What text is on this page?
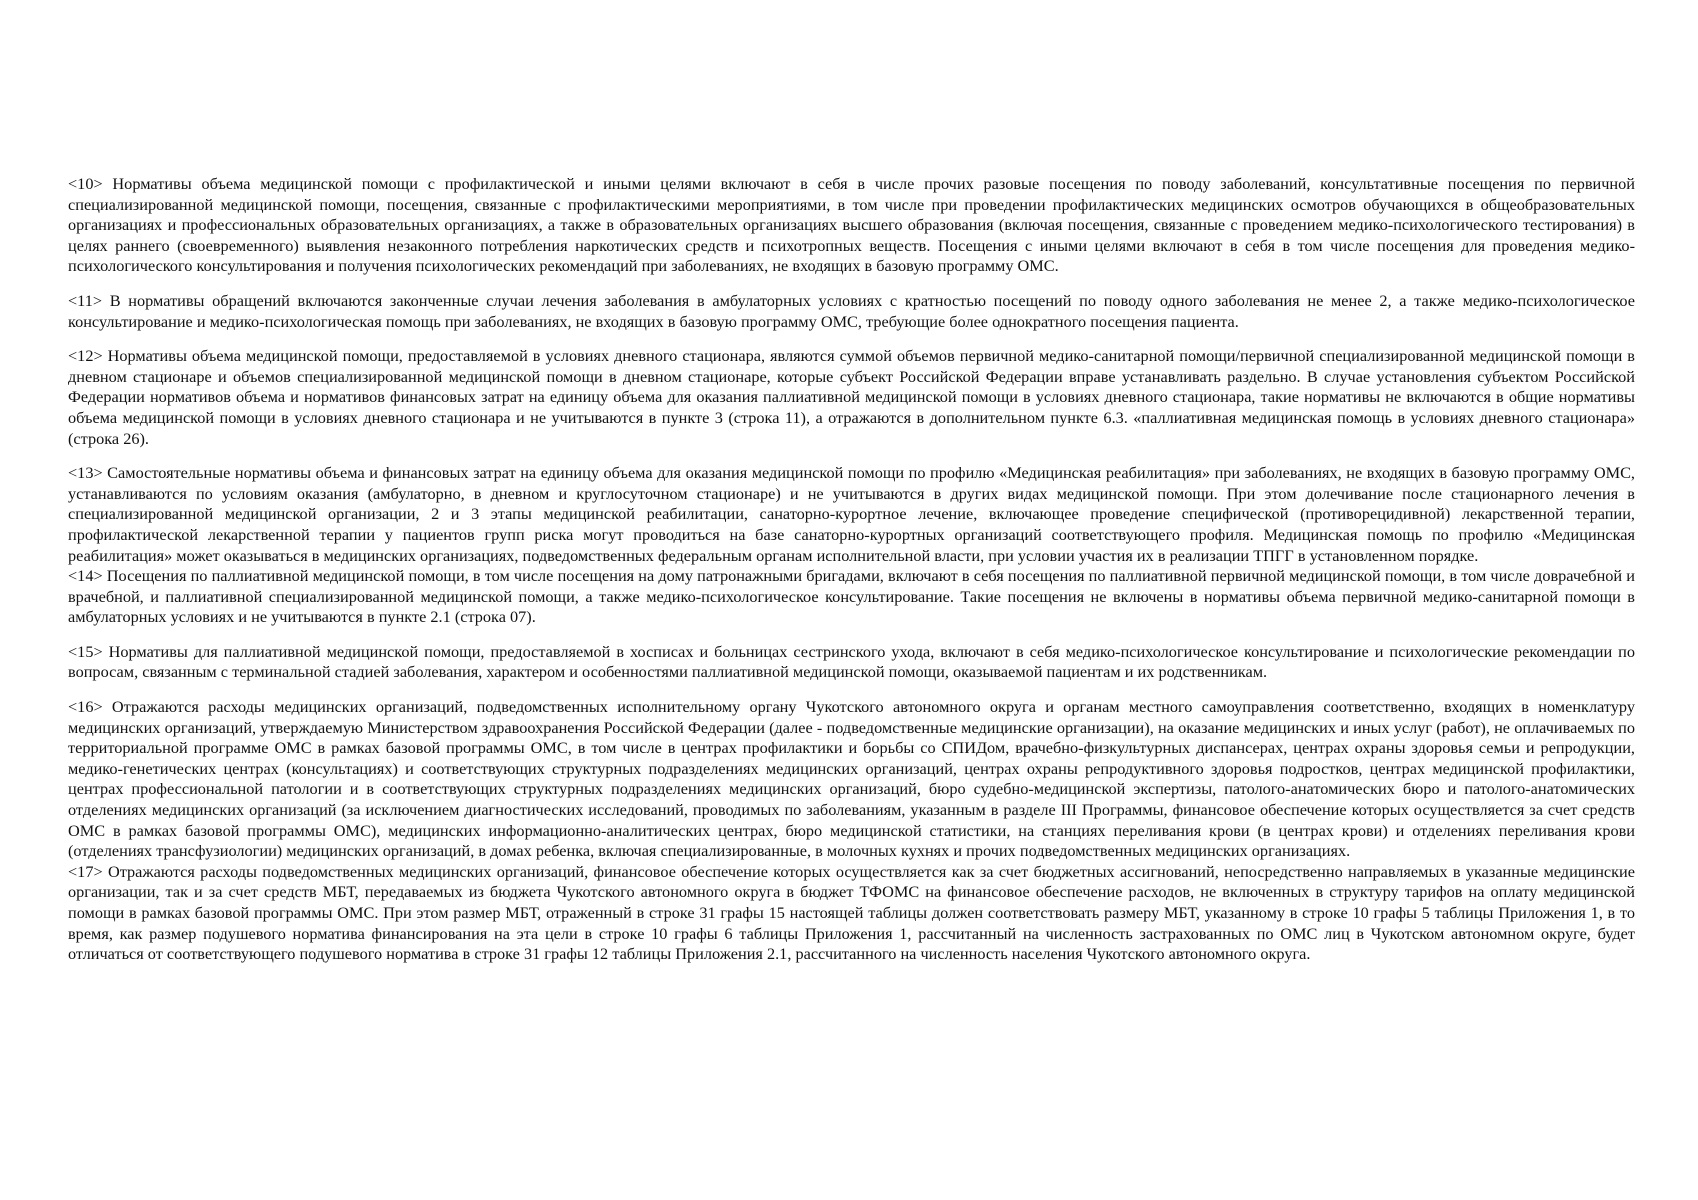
<10> Нормативы объема медицинской помощи с профилактической и иными целями включают в себя в числе прочих разовые посещения по поводу заболеваний, консультативные посещения по первичной специализированной медицинской помощи, посещения, связанные с профилактическими мероприятиями, в том числе при проведении профилактических медицинских осмотров обучающихся в общеобразовательных организациях и профессиональных образовательных организациях, а также в образовательных организациях высшего образования (включая посещения, связанные с проведением медико-психологического тестирования) в целях раннего (своевременного) выявления незаконного потребления наркотических средств и психотропных веществ. Посещения с иными целями включают в себя в том числе посещения для проведения медико-психологического консультирования и получения психологических рекомендаций при заболеваниях, не входящих в базовую программу ОМС.

<11> В нормативы обращений включаются законченные случаи лечения заболевания в амбулаторных условиях с кратностью посещений по поводу одного заболевания не менее 2, а также медико-психологическое консультирование и медико-психологическая помощь при заболеваниях, не входящих в базовую программу ОМС, требующие более однократного посещения пациента.

<12> Нормативы объема медицинской помощи, предоставляемой в условиях дневного стационара, являются суммой объемов первичной медико-санитарной помощи/первичной специализированной медицинской помощи в дневном стационаре и объемов специализированной медицинской помощи в дневном стационаре, которые субъект Российской Федерации вправе устанавливать раздельно. В случае установления субъектом Российской Федерации нормативов объема и нормативов финансовых затрат на единицу объема для оказания паллиативной медицинской помощи в условиях дневного стационара, такие нормативы не включаются в общие нормативы объема медицинской помощи в условиях дневного стационара и не учитываются в пункте 3 (строка 11), а отражаются в дополнительном пункте 6.3. «паллиативная медицинская помощь в условиях дневного стационара» (строка 26).

<13> Самостоятельные нормативы объема и финансовых затрат на единицу объема для оказания медицинской помощи по профилю «Медицинская реабилитация» при заболеваниях, не входящих в базовую программу ОМС, устанавливаются по условиям оказания (амбулаторно, в дневном и круглосуточном стационаре) и не учитываются в других видах медицинской помощи. При этом долечивание после стационарного лечения в специализированной медицинской организации, 2 и 3 этапы медицинской реабилитации, санаторно-курортное лечение, включающее проведение специфической (противорецидивной) лекарственной терапии, профилактической лекарственной терапии у пациентов групп риска могут проводиться на базе санаторно-курортных организаций соответствующего профиля. Медицинская помощь по профилю «Медицинская реабилитация» может оказываться в медицинских организациях, подведомственных федеральным органам исполнительной власти, при условии участия их в реализации ТПГГ в установленном порядке.

<14> Посещения по паллиативной медицинской помощи, в том числе посещения на дому патронажными бригадами, включают в себя посещения по паллиативной первичной медицинской помощи, в том числе доврачебной и врачебной, и паллиативной специализированной медицинской помощи, а также медико-психологическое консультирование. Такие посещения не включены в нормативы объема первичной медико-санитарной помощи в амбулаторных условиях и не учитываются в пункте 2.1 (строка 07).

<15> Нормативы для паллиативной медицинской помощи, предоставляемой в хосписах и больницах сестринского ухода, включают в себя медико-психологическое консультирование и психологические рекомендации по вопросам, связанным с терминальной стадией заболевания, характером и особенностями паллиативной медицинской помощи, оказываемой пациентам и их родственникам.

<16> Отражаются расходы медицинских организаций, подведомственных исполнительному органу Чукотского автономного округа и органам местного самоуправления соответственно, входящих в номенклатуру медицинских организаций, утверждаемую Министерством здравоохранения Российской Федерации (далее - подведомственные медицинские организации), на оказание медицинских и иных услуг (работ), не оплачиваемых по территориальной программе ОМС в рамках базовой программы ОМС, в том числе в центрах профилактики и борьбы со СПИДом, врачебно-физкультурных диспансерах, центрах охраны здоровья семьи и репродукции, медико-генетических центрах (консультациях) и соответствующих структурных подразделениях медицинских организаций, центрах охраны репродуктивного здоровья подростков, центрах медицинской профилактики, центрах профессиональной патологии и в соответствующих структурных подразделениях медицинских организаций, бюро судебно-медицинской экспертизы, патолого-анатомических бюро и патолого-анатомических отделениях медицинских организаций (за исключением диагностических исследований, проводимых по заболеваниям, указанным в разделе III Программы, финансовое обеспечение которых осуществляется за счет средств ОМС в рамках базовой программы ОМС), медицинских информационно-аналитических центрах, бюро медицинской статистики, на станциях переливания крови (в центрах крови) и отделениях переливания крови (отделениях трансфузиологии) медицинских организаций, в домах ребенка, включая специализированные, в молочных кухнях и прочих подведомственных медицинских организациях.

<17> Отражаются расходы подведомственных медицинских организаций, финансовое обеспечение которых осуществляется как за счет бюджетных ассигнований, непосредственно направляемых в указанные медицинские организации, так и за счет средств МБТ, передаваемых из бюджета Чукотского автономного округа в бюджет ТФОМС на финансовое обеспечение расходов, не включенных в структуру тарифов на оплату медицинской помощи в рамках базовой программы ОМС. При этом размер МБТ, отраженный в строке 31 графы 15 настоящей таблицы должен соответствовать размеру МБТ, указанному в строке 10 графы 5 таблицы Приложения 1, в то время, как размер подушевого норматива финансирования на эта цели в строке 10 графы 6 таблицы Приложения 1, рассчитанный на численность застрахованных по ОМС лиц в Чукотском автономном округе, будет отличаться от соответствующего подушевого норматива в строке 31 графы 12 таблицы Приложения 2.1, рассчитанного на численность населения Чукотского автономного округа.
